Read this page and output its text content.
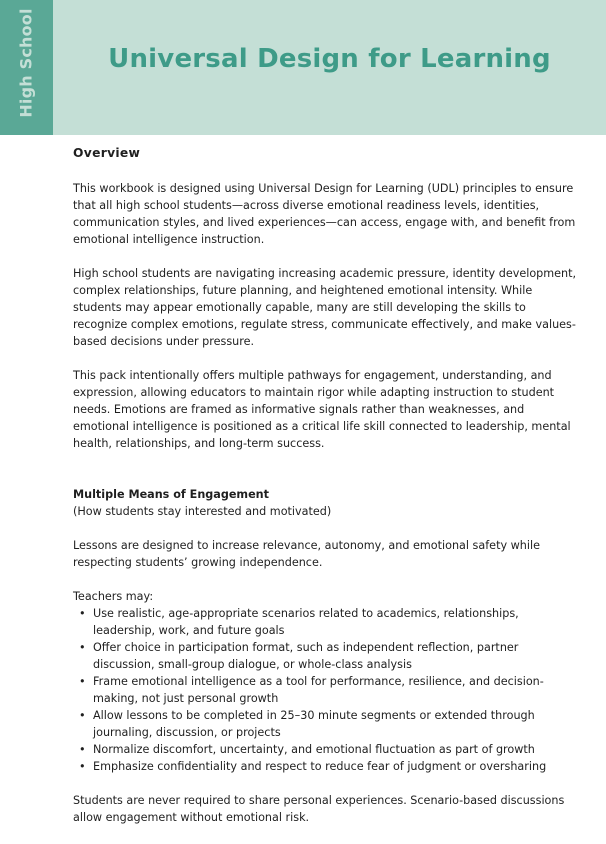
High School	Universal Design for Learning

Overview

This workbook is designed using Universal Design for Learning (UDL) principles to ensure that all high school students—across diverse emotional readiness levels, identities, communication styles, and lived experiences—can access, engage with, and benefit from emotional intelligence instruction.

High school students are navigating increasing academic pressure, identity development, complex relationships, future planning, and heightened emotional intensity. While students may appear emotionally capable, many are still developing the skills to recognize complex emotions, regulate stress, communicate effectively, and make values-based decisions under pressure.

This pack intentionally offers multiple pathways for engagement, understanding, and expression, allowing educators to maintain rigor while adapting instruction to student needs. Emotions are framed as informative signals rather than weaknesses, and emotional intelligence is positioned as a critical life skill connected to leadership, mental health, relationships, and long-term success.

Multiple Means of Engagement

(How students stay interested and motivated)

Lessons are designed to increase relevance, autonomy, and emotional safety while respecting students’ growing independence.

Teachers may:

• Use realistic, age-appropriate scenarios related to academics, relationships, leadership, work, and future goals
• Offer choice in participation format, such as independent reflection, partner discussion, small-group dialogue, or whole-class analysis
• Frame emotional intelligence as a tool for performance, resilience, and decision-making, not just personal growth
• Allow lessons to be completed in 25–30 minute segments or extended through journaling, discussion, or projects
• Normalize discomfort, uncertainty, and emotional fluctuation as part of growth
• Emphasize confidentiality and respect to reduce fear of judgment or oversharing

Students are never required to share personal experiences. Scenario-based discussions allow engagement without emotional risk.
